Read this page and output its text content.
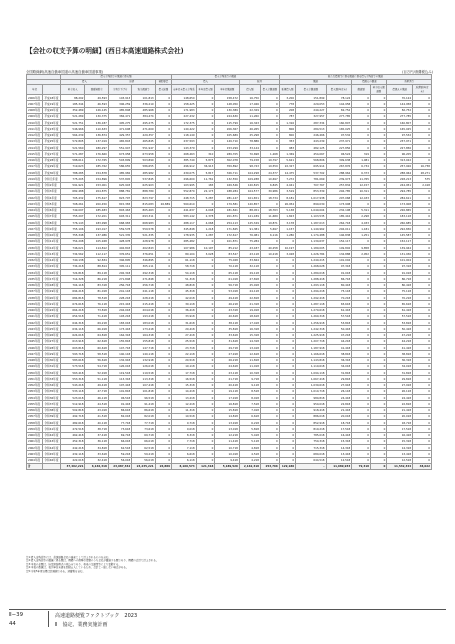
【会社の収支予算の明細】(西日本高速道路株式会社)
全国路線網(高速自動車国道の高速自動車国道事業)	(百万円/消費税込み)
		借入金残高等の償還に係る額					借入金残高等の償還					新たな借換等に係る償還に係る借入金残高等の償還						
		借入		返済		補助事業	借入			返済		償還			借換えの償還		負担済等	
年度		料金収入	国庫補助金	金利引下げ分	資金調達等	借入総額	前年度末借入金残高	本年度借入額	本年度償還額	借入額	借入金償還額	新規借入額	借入金償還額	借入額(年度末)	償還額	料金収入償還額	借換えの償還	返済額(年度末)
2006年度	平成18年度	88,292	49,593	103,913	101,813	0	148,650	0	158,472	16,750	0	3,200	151,899	78,124	0	0	70,124	0
2007年度	平成19年度	185,344	46,593	306,259	336,219	0	158,425	0	148,050	17,946	0	778	229,053	144,958	0	0	144,958	0
2008年度	平成20年度	352,489	126,145	485,848	485,968	0	171,983	0	130,389	22,329	0	208	240,227	82,752	0	0	82,752	0
2009年度	平成21年度	521,289	130,375	384,471	384,474	0	227,432	0	224,630	11,260	0	787	327,957	277,785	0	0	277,785	0
2010年度	平成22年度	521,751	136,187	495,275	495,275	0	172,375	0	115,799	16,343	0	1,316	287,334	160,807	0	0	160,807	0
2011年度	平成23年度	546,966	110,633	471,608	471,609	0	140,422	0	206,367	46,265	0	806	284,513	165,025	0	0	165,025	0
2012年度	平成24年度	564,239	136,874	429,357	429,357	0	118,149	0	105,689	25,298	0	800	246,466	97,532	0	0	97,532	0
2013年度	平成25年度	572,805	137,019	465,843	465,845	0	237,593	0	149,710	78,886	0	353	443,239	237,971	0	0	237,971	0
2014年度	平成26年度	521,560	180,297	551,947	551,947	0	143,379	0	153,299	33,144	0	983	482,125	227,856	0	0	227,856	0
2015年度	平成27年度	571,287	176,660	673,958	673,958	0	268,463	310	289,705	70,698	1,268	1,369	454,067	96,524	319	0	96,205	0
2016年度	平成28年度	588,611	172,765	503,899	503,899	0	385,749	5,873	302,078	79,158	19,797	5,621	568,806	309,638	1,081	0	313,022	0
2017年度	平成29年度	719,623	185,762	586,655	586,655	0	496,912	36,913	359,892	98,743	19,559	22,327	695,914	267,876	6,734	0	257,926	16,758
2018年度	平成30年度	788,285	154,878	485,982	485,982	0	439,075	5,817	326,711	104,298	24,377	14,475	537,702	288,964	6,373	0	288,964	28,271
2019年度	令和元年度	775,205	154,896	537,845	537,845	0	296,600	11,761	132,550	109,288	10,697	7,272	781,069	239,973	11,765	0	228,213	575
2020年度	令和2年度	591,921	153,001	625,903	625,903	0	103,995	183	169,546	120,815	6,845	4,041	707,767	257,834	12,157	0	244,951	2,418
2021年度	令和3年度	682,488	204,875	888,781	888,780	0	552,870	22,173	188,284	104,577	39,986	3,519	853,339	294,785	10,311	0	294,785	0
2022年度	令和4年度	705,432	175,617	823,797	823,797	0	448,715	5,287	281,147	101,651	18,734	8,181	1,017,938	297,068	12,433	0	284,611	0
2023年度	令和5年度	708,261	200,450	815,383	815,083	26,889	560,610	0	179,581	120,857	0	26,954	899,030	173,908	0	0	173,908	0
2024年度	令和6年度	749,097	185,483	803,463	805,463	0	441,637	4,048	181,841	88,451	18,763	5,138	1,049,004	232,198	5,311	0	226,865	0
2025年度	令和7年度	755,297	172,201	693,311	693,311	0	583,142	2,378	201,871	121,189	11,689	1,823	1,103,535	185,416	2,298	0	183,118	0
2026年度	令和8年度	776,143	183,998	668,983	668,983	0	488,117	4,068	254,113	125,349	19,871	3,178	1,187,013	264,718	4,033	0	260,685	0
2027年度	令和9年度	755,106	193,017	559,578	559,578	0	345,848	1,218	171,845	91,381	5,697	1,157	1,140,962	294,011	1,181	0	292,830	0
2028年度	令和10年度	755,348	137,986	521,335	521,335	0	178,935	1,287	172,617	76,081	6,116	1,280	1,174,488	146,838	1,251	0	145,587	0
2029年度	令和11年度	754,298	105,948	428,978	428,978	0	285,482	0	101,871	75,284	0	0	1,130,637	152,117	0	0	152,117	0
2030年度	令和12年度	746,021	114,812	402,843	402,843	0	107,986	10,197	85,212	43,187	40,258	10,197	1,189,005	149,802	9,858	0	139,944	0
2031年度	令和13年度	734,562	112,117	376,651	376,651	0	89,104	3,028	83,547	43,118	10,218	3,028	1,226,784	134,888	2,952	0	131,936	0
2032年度	令和14年度	740,138	92,834	346,895	346,895	0	61,118	0	75,028	33,844	0	0	1,249,215	101,004	0	0	101,004	0
2033年度	令和15年度	734,218	88,814	305,111	305,111	0	58,718	0	70,118	32,118	0	0	1,268,028	97,318	0	0	97,318	0
2034年度	令和16年度	724,818	89,118	292,318	292,318	0	54,118	0	65,118	29,118	0	0	1,280,018	91,018	0	0	91,018	0
2035年度	令和17年度	714,328	86,218	271,848	271,848	0	51,318	0	61,018	27,818	0	0	1,288,418	86,718	0	0	86,718	0
2036年度	令和18年度	704,118	83,318	256,718	256,718	0	48,818	0	56,718	25,918	0	0	1,293,118	80,418	0	0	80,418	0
2037年度	令和19年度	694,218	81,018	241,118	241,118	0	45,318	0	53,018	24,118	0	0	1,294,218	75,118	0	0	75,118	0
2038年度	令和20年度	684,818	78,518	228,218	228,218	0	42,018	0	49,418	22,818	0	0	1,292,418	70,218	0	0	70,218	0
2039年度	令和21年度	674,618	76,118	215,418	215,418	0	39,118	0	46,218	21,318	0	0	1,287,118	65,618	0	0	65,618	0
2040年度	令和22年度	664,218	73,818	204,018	204,018	0	36,418	0	43,318	19,918	0	0	1,279,618	61,418	0	0	61,418	0
2041年度	令和23年度	654,518	71,418	193,218	193,218	0	33,918	0	40,618	18,618	0	0	1,269,318	57,518	0	0	57,518	0
2042年度	令和24年度	644,318	69,218	183,018	183,018	0	31,618	0	38,118	17,418	0	0	1,256,918	53,818	0	0	53,818	0
2043年度	令和25年度	634,118	66,918	173,418	173,418	0	29,418	0	35,818	16,318	0	0	1,242,318	50,418	0	0	50,418	0
2044年度	令和26年度	624,018	64,818	164,318	164,318	0	27,418	0	33,618	15,318	0	0	1,225,918	47,218	0	0	47,218	0
2045年度	令和27年度	613,918	62,618	155,818	155,818	0	25,518	0	31,618	14,318	0	0	1,207,718	44,218	0	0	44,218	0
2046年度	令和28年度	603,818	60,618	147,718	147,718	0	23,718	0	29,718	13,418	0	0	1,187,918	41,418	0	0	41,418	0
2047年度	令和29年度	593,718	58,518	140,118	140,118	0	22,118	0	27,918	12,618	0	0	1,166,618	38,818	0	0	38,818	0
2048年度	令和30年度	583,618	56,618	132,918	132,918	0	20,518	0	26,218	11,818	0	0	1,143,818	36,318	0	0	36,318	0
2049年度	令和31年度	573,518	54,718	126,018	126,018	0	19,118	0	24,618	11,018	0	0	1,119,618	34,018	0	0	34,018	0
2050年度	令和32年度	563,418	52,918	119,518	119,518	0	17,718	0	23,118	10,318	0	0	1,094,118	31,818	0	0	31,818	0
2051年度	令和33年度	553,318	51,118	113,318	113,318	0	16,518	0	21,718	9,718	0	0	1,067,418	29,818	0	0	29,818	0
2052年度	令和34年度	543,218	49,418	107,418	107,418	0	15,318	0	20,418	9,118	0	0	1,039,618	27,918	0	0	27,918	0
2053年度	令和35年度	533,118	47,718	101,818	101,818	0	14,218	0	19,118	8,518	0	0	1,010,718	26,118	0	0	26,118	0
2054年度	令和36年度	523,018	46,118	96,518	96,518	0	13,218	0	17,918	8,018	0	0	980,818	24,418	0	0	24,418	0
2055年度	令和37年度	512,918	44,518	91,418	91,418	0	12,218	0	16,818	7,518	0	0	950,018	22,818	0	0	22,818	0
2056年度	令和38年度	502,818	43,018	86,618	86,618	0	11,318	0	15,818	7,018	0	0	918,418	21,418	0	0	21,418	0
2057年度	令和39年度	492,718	41,518	82,018	82,018	0	10,518	0	14,818	6,618	0	0	886,018	20,018	0	0	20,018	0
2058年度	令和40年度	482,618	40,118	77,718	77,718	0	9,718	0	13,918	6,218	0	0	852,918	18,718	0	0	18,718	0
2059年度	令和41年度	472,518	38,718	73,618	73,618	0	9,018	0	13,018	5,818	0	0	819,218	17,518	0	0	17,518	0
2060年度	令和42年度	462,418	37,418	69,718	69,718	0	8,318	0	12,218	5,418	0	0	785,018	16,418	0	0	16,418	0
2061年度	令和43年度	452,318	36,118	66,018	66,018	0	7,718	0	11,418	5,118	0	0	750,318	15,318	0	0	15,318	0
2062年度	令和44年度	442,218	34,818	62,518	62,518	0	7,118	0	10,718	4,818	0	0	715,318	14,318	0	0	14,318	0
2063年度	令和45年度	432,118	33,618	59,218	59,218	0	6,618	0	10,018	4,518	0	0	680,018	13,418	0	0	13,418	0
2064年度	令和46年度	422,018	32,418	56,018	56,018	0	6,118	0	9,418	4,218	0	0	644,518	12,518	0	0	12,518	0
計		37,462,221	6,146,318	23,987,342	24,235,221	26,889	8,160,574	121,318	5,189,526	2,162,318	253,766	129,180	-	11,689,933	79,318	0	11,532,344	48,022
注1:借入金残高等には、高速道路会社の資産として計上されるものを含む。
注2:借入金残高等の償還に係る額は、機構への債務引受額のうち会社が償還する額であり、機構の会計で計上される。
注3:本表の金額は、協定締結時点の見込みであり、将来の交通量等により変動する。
注4:本表の数値は、表示単位未満を四捨五入しているため、合計と一致しない場合がある。
注5:令和5年度以降は計画値である。消費税を含む。
Ⅱ−39
44
高速道路便覧ファクトブック　2023
Ⅱ　協定、業務実施計画
